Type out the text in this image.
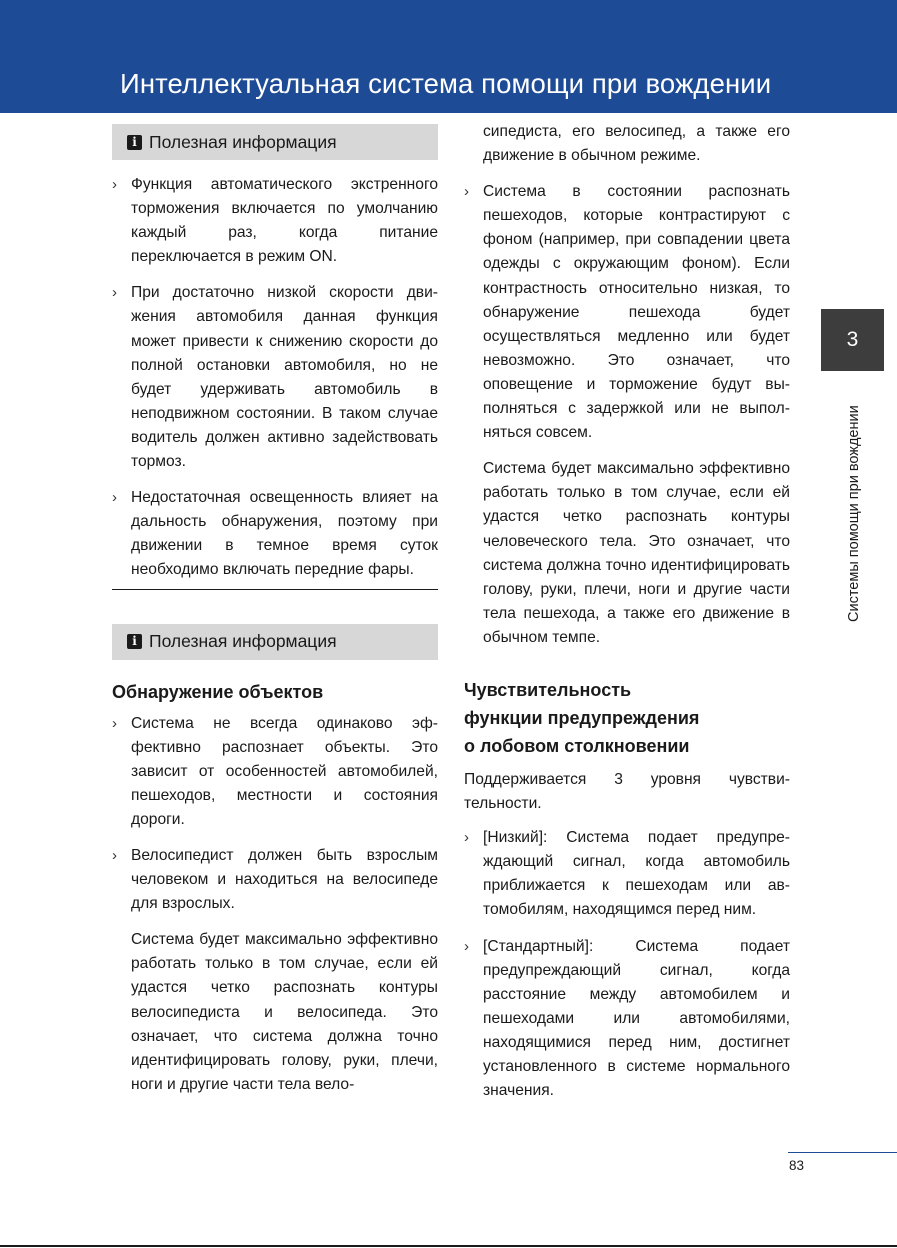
Интеллектуальная система помощи при вождении
i Полезная информация
› Функция автоматического экстренного торможения включается по умолчанию каждый раз, когда питание переключается в режим ON.

› При достаточно низкой скорости движения автомобиля данная функция может привести к снижению скорости до полной остановки автомобиля, но не будет удерживать автомобиль в неподвижном состоянии. В таком случае водитель должен активно задействовать тормоз.

› Недостаточная освещенность влияет на дальность обнаружения, поэтому при движении в темное время суток необходимо включать передние фары.

i Полезная информация
Обнаружение объектов
› Система не всегда одинаково эффективно распознает объекты. Это зависит от особенностей автомобилей, пешеходов, местности и состояния дороги.

› Велосипедист должен быть взрослым человеком и находиться на велосипеде для взрослых.

Система будет максимально эффективно работать только в том случае, если ей удастся четко распознать контуры велосипедиста и велосипеда. Это означает, что система должна точно идентифицировать голову, руки, плечи, ноги и другие части тела вело-

сипедиста, его велосипед, а также его движение в обычном режиме.

› Система в состоянии распознать пешеходов, которые контрастируют с фоном (например, при совпадении цвета одежды с окружающим фоном). Если контрастность относительно низкая, то обнаружение пешехода будет осуществляться медленно или будет невозможно. Это означает, что оповещение и торможение будут выполняться с задержкой или не выполняться совсем.

Система будет максимально эффективно работать только в том случае, если ей удастся четко распознать контуры человеческого тела. Это означает, что система должна точно идентифицировать голову, руки, плечи, ноги и другие части тела пешехода, а также его движение в обычном темпе.

Чувствительность
функции предупреждения
о лобовом столкновении

Поддерживается 3 уровня чувствительности.

› [Низкий]: Система подает предупреждающий сигнал, когда автомобиль приближается к пешеходам или автомобилям, находящимся перед ним.

› [Стандартный]: Система подает предупреждающий сигнал, когда расстояние между автомобилем и пешеходами или автомобилями, находящимися перед ним, достигнет установленного в системе нормального значения.

3
Системы помощи при вождении
83
